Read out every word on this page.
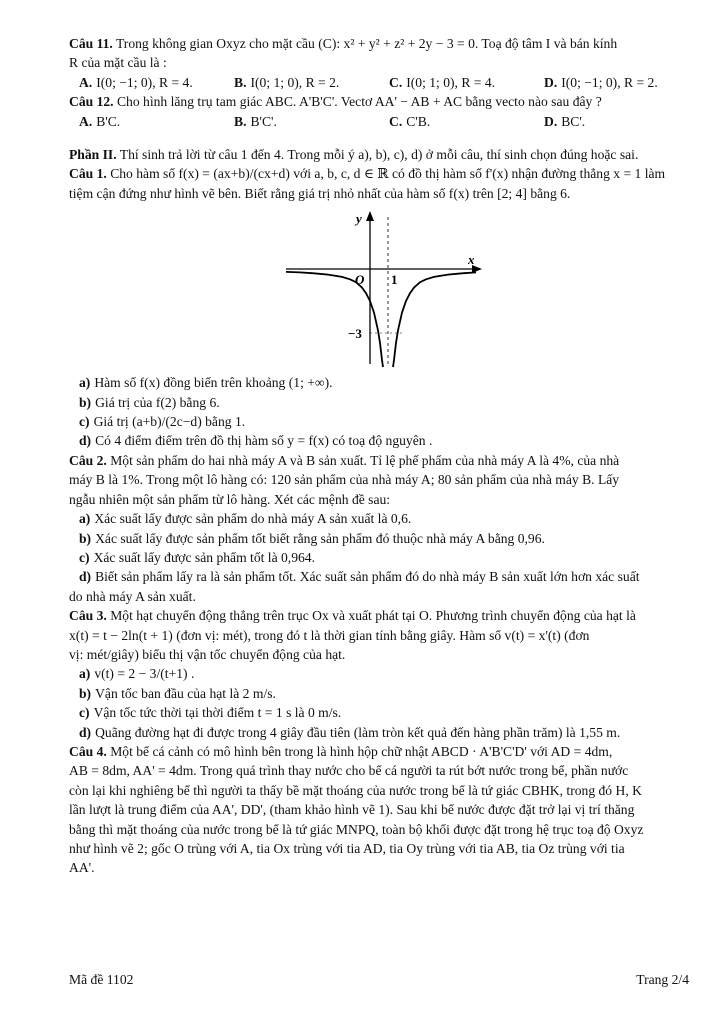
Câu 11. Trong không gian Oxyz cho mặt cầu (C): x² + y² + z² + 2y − 3 = 0. Toạ độ tâm I và bán kính

R của mặt cầu là :

A. I(0; −1; 0), R = 4.	B. I(0; 1; 0), R = 2.	C. I(0; 1; 0), R = 4.	D. I(0; −1; 0), R = 2.

Câu 12. Cho hình lăng trụ tam giác ABC. A'B'C'. Vectơ AA' − AB + AC bằng vecto nào sau đây ?

A. B'C.	B. B'C'.	C. C'B.	D. BC'.

Phần II. Thí sinh trả lời từ câu 1 đến 4. Trong mỗi ý a), b), c), d) ở mỗi câu, thí sinh chọn đúng hoặc sai.

Câu 1. Cho hàm số f(x) = (ax+b)/(cx+d) với a, b, c, d ∈ ℝ có đồ thị hàm số f'(x) nhận đường thẳng x = 1 làm

tiệm cận đứng như hình vẽ bên. Biết rằng giá trị nhỏ nhất của hàm số f(x) trên [2; 4] bằng 6.

y
x
O 1
−3
a) Hàm số f(x) đồng biến trên khoảng (1; +∞).
b) Giá trị của f(2) bằng 6.
c) Giá trị (a+b)/(2c−d) bằng 1.
d) Có 4 điểm điểm trên đồ thị hàm số y = f(x) có toạ độ nguyên .

Câu 2. Một sản phẩm do hai nhà máy A và B sản xuất. Tỉ lệ phế phẩm của nhà máy A là 4%, của nhà

máy B là 1%. Trong một lô hàng có: 120 sản phẩm của nhà máy A; 80 sản phẩm của nhà máy B. Lấy

ngẫu nhiên một sản phẩm từ lô hàng. Xét các mệnh đề sau:

a) Xác suất lấy được sản phẩm do nhà máy A sản xuất là 0,6.
b) Xác suất lấy được sản phẩm tốt biết rằng sản phẩm đó thuộc nhà máy A bằng 0,96.
c) Xác suất lấy được sản phẩm tốt là 0,964.
d) Biết sản phẩm lấy ra là sản phẩm tốt. Xác suất sản phẩm đó do nhà máy B sản xuất lớn hơn xác suất

do nhà máy A sản xuất.

Câu 3. Một hạt chuyển động thẳng trên trục Ox và xuất phát tại O. Phương trình chuyển động của hạt là

x(t) = t − 2ln(t + 1) (đơn vị: mét), trong đó t là thời gian tính bằng giây. Hàm số v(t) = x'(t) (đơn

vị: mét/giây) biểu thị vận tốc chuyển động của hạt.

a) v(t) = 2 − 3/(t+1) .
b) Vận tốc ban đầu của hạt là 2 m/s.
c) Vận tốc tức thời tại thời điểm t = 1 s là 0 m/s.
d) Quãng đường hạt đi được trong 4 giây đầu tiên (làm tròn kết quả đến hàng phần trăm) là 1,55 m.

Câu 4. Một bể cá cảnh có mô hình bên trong là hình hộp chữ nhật ABCD · A'B'C'D' với AD = 4dm,

AB = 8dm, AA' = 4dm. Trong quá trình thay nước cho bể cá người ta rút bớt nước trong bể, phần nước

còn lại khi nghiêng bể thì người ta thấy bề mặt thoáng của nước trong bể là tứ giác CBHK, trong đó H, K

lần lượt là trung điểm của AA', DD', (tham khảo hình vẽ 1). Sau khi bể nước được đặt trở lại vị trí thăng

bằng thì mặt thoáng của nước trong bể là tứ giác MNPQ, toàn bộ khối được đặt trong hệ trục toạ độ Oxyz

như hình vẽ 2; gốc O trùng với A, tia Ox trùng với tia AD, tia Oy trùng với tia AB, tia Oz trùng với tia

AA'.

Mã đề 1102	Trang 2/4
